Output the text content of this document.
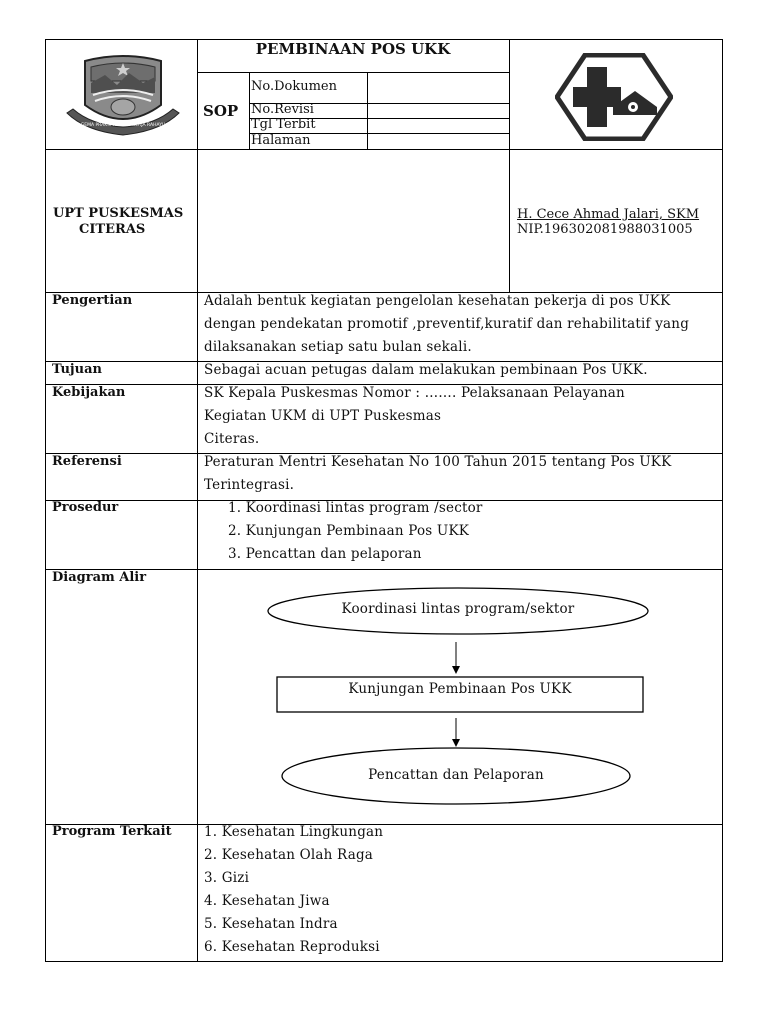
PEMBINAAN POS UKK
SOP
No.Dokumen
No.Revisi
Tgl Terbit
Halaman
GEMA PRAKSI RAHAYU KERJA RAHAYU
UPT PUSKESMAS
CITERAS
H. Cece Ahmad Jalari, SKM
NIP.196302081988031005
Pengertian	Adalah bentuk kegiatan pengelolan kesehatan pekerja di pos UKK
dengan pendekatan promotif ,preventif,kuratif dan rehabilitatif yang
dilaksanakan setiap satu bulan sekali.
Tujuan	Sebagai acuan petugas dalam melakukan pembinaan Pos UKK.
Kebijakan	SK Kepala Puskesmas Nomor : ……. Pelaksanaan Pelayanan
Kegiatan UKM di UPT Puskesmas
Citeras.
Referensi	Peraturan Mentri Kesehatan No 100 Tahun 2015 tentang Pos UKK
Terintegrasi.
Prosedur	1. Koordinasi lintas program /sector
2. Kunjungan Pembinaan Pos UKK
3. Pencattan dan pelaporan
Diagram Alir
Koordinasi lintas program/sektor
Kunjungan Pembinaan Pos UKK
Pencattan dan Pelaporan
Program Terkait 1. Kesehatan Lingkungan
2. Kesehatan Olah Raga
3. Gizi
4. Kesehatan Jiwa
5. Kesehatan Indra
6. Kesehatan Reproduksi
